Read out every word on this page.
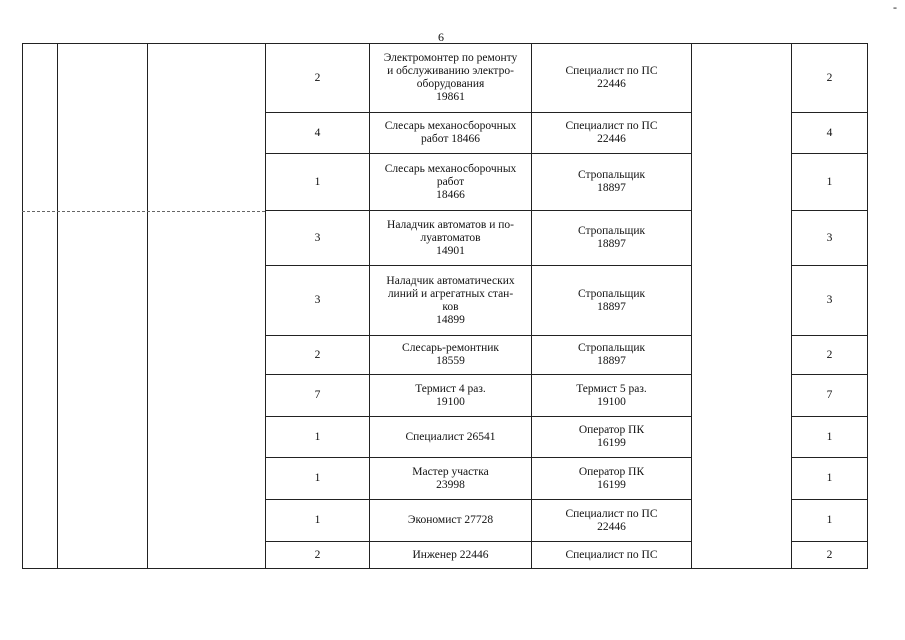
6
-
			2	Электромонтер по ремонту
и обслуживанию электро-
оборудования
19861	Специалист по ПС
22446		2
			4	Слесарь механосборочных
работ 18466	Специалист по ПС
22446		4
			1	Слесарь механосборочных
работ
18466	Стропальщик
18897		1
			3	Наладчик автоматов и по-
луавтоматов
14901	Стропальщик
18897		3
			3	Наладчик автоматических
линий и агрегатных стан-
ков
14899	Стропальщик
18897		3
			2	Слесарь-ремонтник
18559	Стропальщик
18897		2
			7	Термист 4 раз.
19100	Термист 5 раз.
19100		7
			1	Специалист 26541	Оператор ПК
16199		1
			1	Мастер участка
23998	Оператор ПК
16199		1
			1	Экономист 27728	Специалист по ПС
22446		1
			2	Инженер 22446	Специалист по ПС		2
